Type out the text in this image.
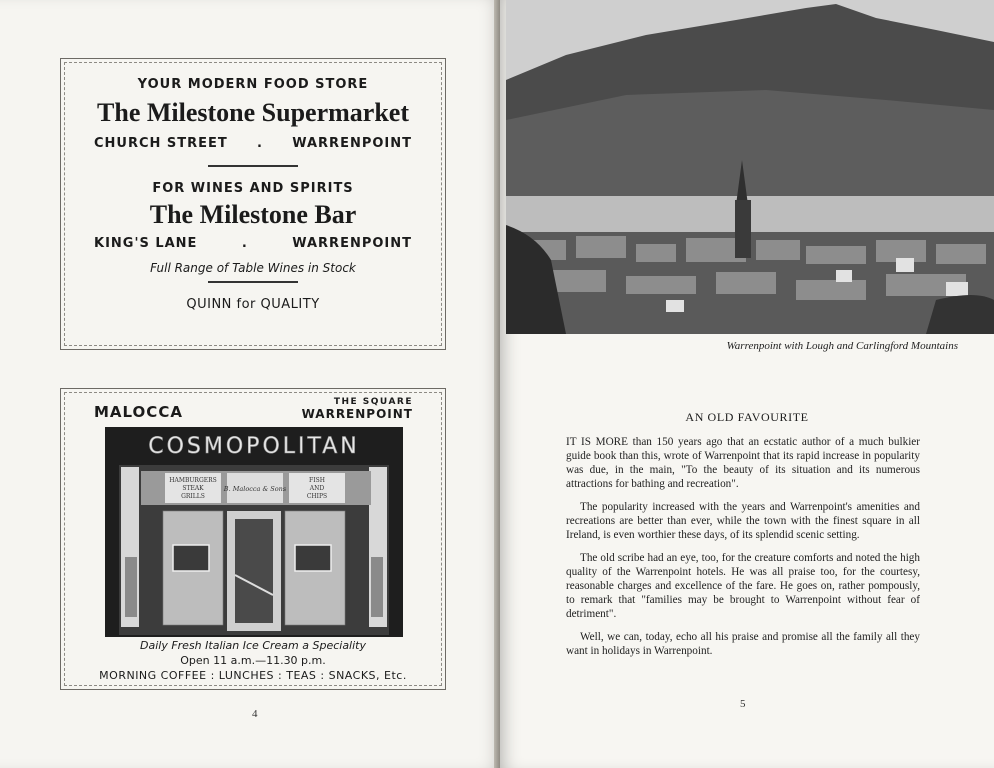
YOUR MODERN FOOD STORE
The Milestone Supermarket
CHURCH STREET . WARRENPOINT
FOR WINES AND SPIRITS
The Milestone Bar
KING'S LANE	.	WARRENPOINT
Full Range of Table Wines in Stock
QUINN for QUALITY
MALOCCA
THE SQUARE
WARRENPOINT
COSMOPOLITAN
HAMBURGERS
STEAK
GRILLS
B. Malocca & Sons
FISH
AND
CHIPS
Daily Fresh Italian Ice Cream a Speciality
Open 11 a.m.—11.30 p.m.
MORNING COFFEE : LUNCHES : TEAS : SNACKS, Etc.
4
Warrenpoint with Lough and Carlingford Mountains
AN OLD FAVOURITE

IT IS MORE than 150 years ago that an ecstatic author of a much bulkier guide book than this, wrote of Warrenpoint that its rapid increase in popularity was due, in the main, "To the beauty of its situation and its numerous attractions for bathing and recreation".

The popularity increased with the years and Warrenpoint's amenities and recreations are better than ever, while the town with the finest square in all Ireland, is even worthier these days, of its splendid scenic setting.

The old scribe had an eye, too, for the creature comforts and noted the high quality of the Warrenpoint hotels. He was all praise too, for the courtesy, reasonable charges and excellence of the fare. He goes on, rather pompously, to remark that "families may be brought to Warrenpoint without fear of detriment".

Well, we can, today, echo all his praise and promise all the family all they want in holidays in Warrenpoint.

5
